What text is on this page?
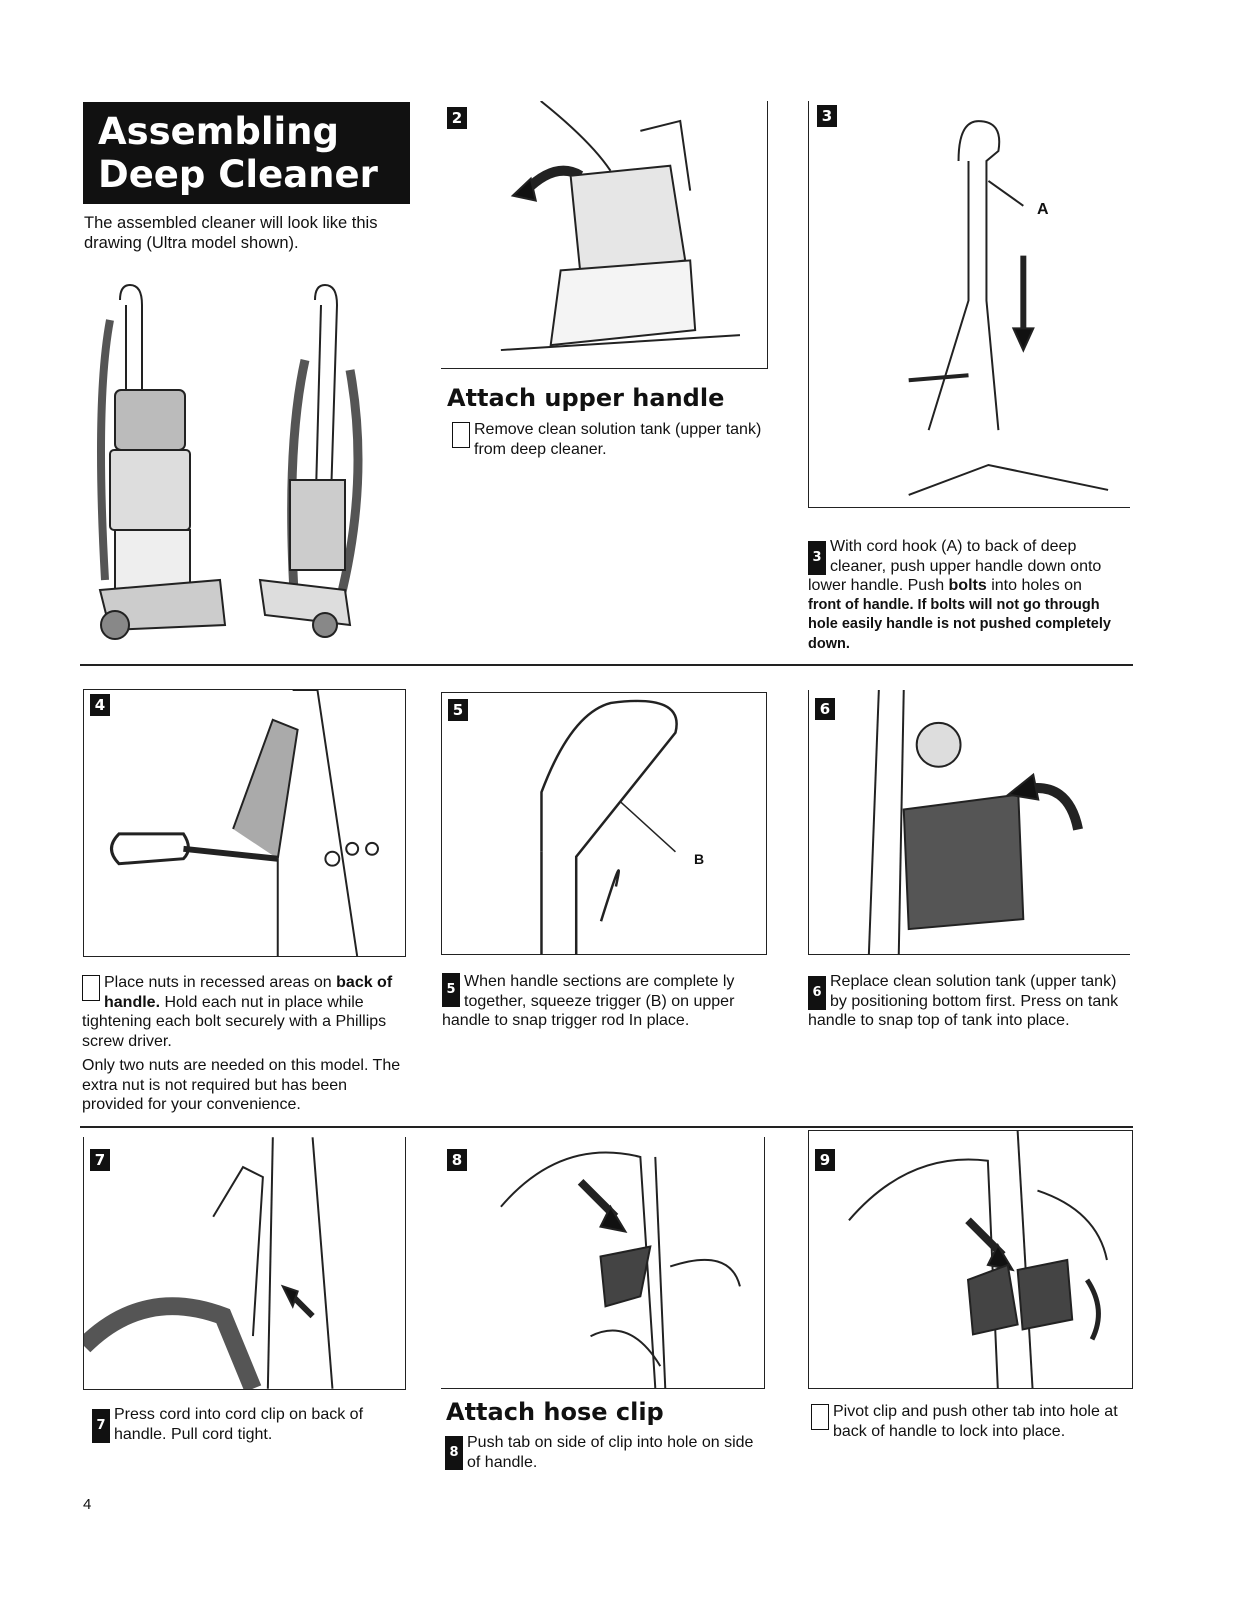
Assembling
Deep Cleaner
The assembled cleaner will look like this drawing (Ultra model shown).
2
Attach upper handle
Remove clean solution tank (upper tank) from deep cleaner.
3
A
3
With cord hook (A) to back of deep cleaner, push upper handle down onto lower handle. Push bolts into holes on
front of handle. If bolts will not go through hole easily handle is not pushed completely down.
4
Place nuts in recessed areas on back of handle. Hold each nut in place while tightening each bolt securely with a Phillips screw driver.
Only two nuts are needed on this model. The extra nut is not required but has been provided for your convenience.
5
B
5 When handle sections are complete ly together, squeeze trigger (B) on upper handle to snap trigger rod In place.
6
6
Replace clean solution tank (upper tank) by positioning bottom first. Press on tank handle to snap top of tank into place.
7
7
Press cord into cord clip on back of handle. Pull cord tight.
8
Attach hose clip
8
Push tab on side of clip into hole on side of handle.
9
Pivot clip and push other tab into hole at back of handle to lock into place.
4
